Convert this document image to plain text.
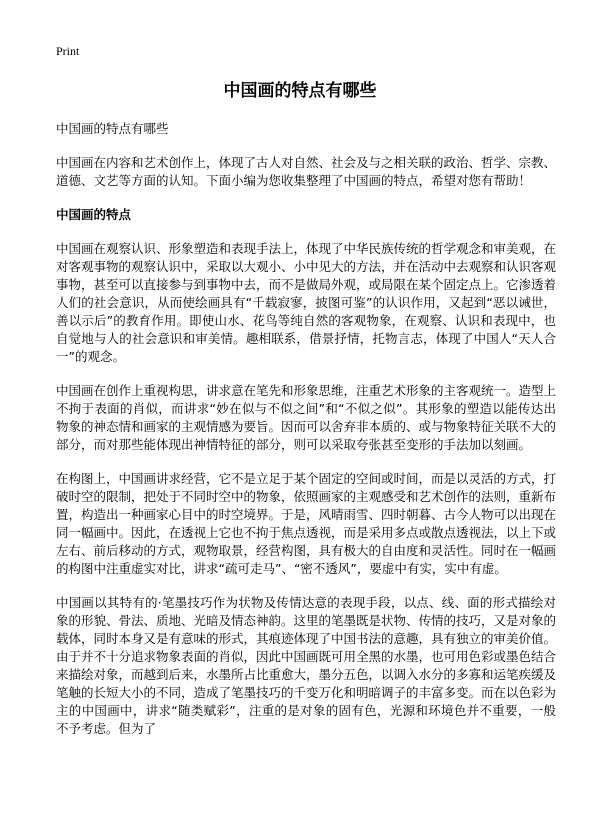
Print
中国画的特点有哪些

中国画的特点有哪些

中国画在内容和艺术创作上，体现了古人对自然、社会及与之相关联的政治、哲学、宗教、道德、文艺等方面的认知。下面小编为您收集整理了中国画的特点，希望对您有帮助！

中国画的特点

中国画在观察认识、形象塑造和表现手法上，体现了中华民族传统的哲学观念和审美观，在对客观事物的观察认识中，采取以大观小、小中见大的方法，并在活动中去观察和认识客观事物，甚至可以直接参与到事物中去，而不是做局外观，或局限在某个固定点上。它渗透着人们的社会意识，从而使绘画具有“千载寂寥，披图可鉴”的认识作用，又起到“恶以诫世，善以示后”的教育作用。即使山水、花鸟等纯自然的客观物象，在观察、认识和表现中，也自觉地与人的社会意识和审美情。趣相联系，借景抒情，托物言志，体现了中国人“天人合一”的观念。

中国画在创作上重视构思，讲求意在笔先和形象思维，注重艺术形象的主客观统一。造型上不拘于表面的肖似，而讲求“妙在似与不似之间”和“不似之似”。其形象的塑造以能传达出物象的神态情和画家的主观情感为要旨。因而可以舍弃非本质的、或与物象特征关联不大的部分，而对那些能体现出神情特征的部分，则可以采取夸张甚至变形的手法加以刻画。

在构图上，中国画讲求经营，它不是立足于某个固定的空间或时间，而是以灵活的方式，打破时空的限制，把处于不同时空中的物象，依照画家的主观感受和艺术创作的法则，重新布置，构造出一种画家心目中的时空境界。于是，风晴雨雪、四时朝暮、古今人物可以出现在同一幅画中。因此，在透视上它也不拘于焦点透视，而是采用多点或散点透视法，以上下或左右、前后移动的方式，观物取景，经营构图，具有极大的自由度和灵活性。同时在一幅画的构图中注重虚实对比，讲求“疏可走马”、“密不透风”，要虚中有实，实中有虚。

中国画以其特有的·笔墨技巧作为状物及传情达意的表现手段，以点、线、面的形式描绘对象的形貌、骨法、质地、光暗及情态神韵。这里的笔墨既是状物、传情的技巧，又是对象的载体，同时本身又是有意味的形式，其痕迹体现了中国书法的意趣，具有独立的审美价值。由于并不十分追求物象表面的肖似，因此中国画既可用全黑的水墨，也可用色彩或墨色结合来描绘对象，而越到后来，水墨所占比重愈大，墨分五色，以调入水分的多寡和运笔疾缓及笔触的长短大小的不同，造成了笔墨技巧的千变万化和明暗调子的丰富多变。而在以色彩为主的中国画中，讲求“随类赋彩”，注重的是对象的固有色，光源和环境色并不重要，一般不予考虑。但为了
